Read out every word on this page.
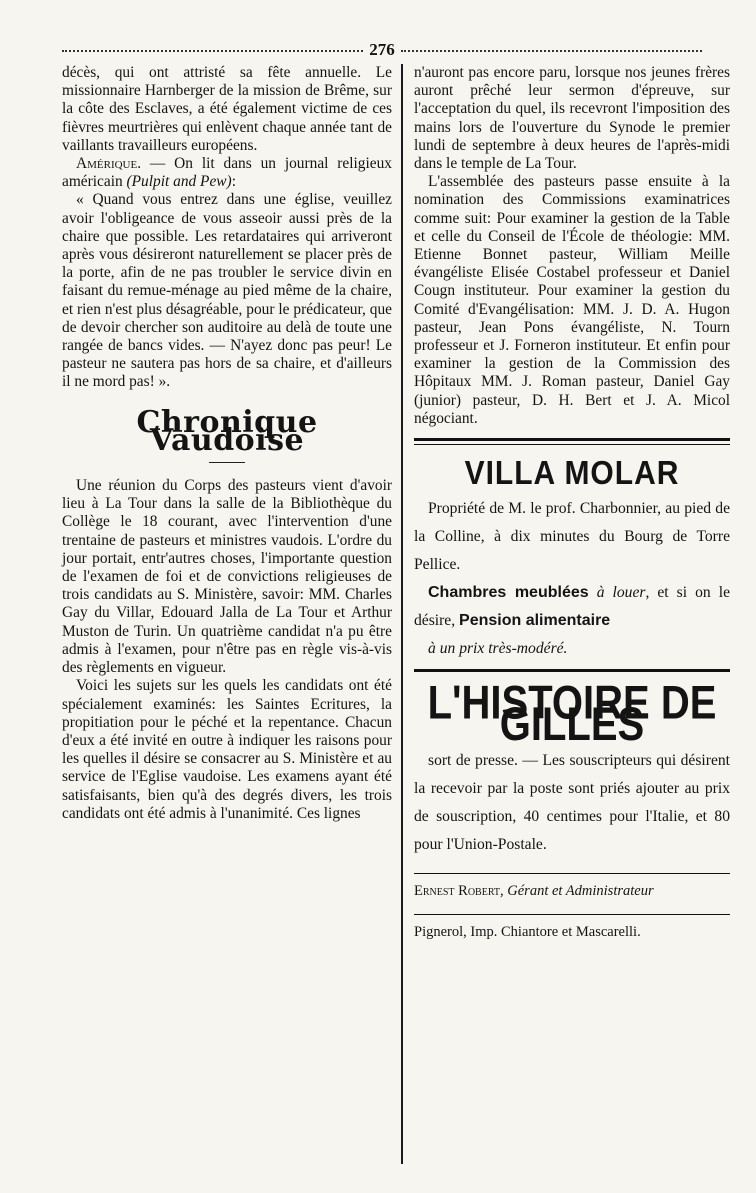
276

décès, qui ont attristé sa fête annuelle. Le missionnaire Harnberger de la mission de Brême, sur la côte des Esclaves, a été également victime de ces fièvres meurtrières qui enlèvent chaque année tant de vaillants travailleurs européens.

Amérique. — On lit dans un journal religieux américain (Pulpit and Pew):

« Quand vous entrez dans une église, veuillez avoir l'obligeance de vous asseoir aussi près de la chaire que possible. Les retardataires qui arriveront après vous désireront naturellement se placer près de la porte, afin de ne pas troubler le service divin en faisant du remue-ménage au pied même de la chaire, et rien n'est plus désagréable, pour le prédicateur, que de devoir chercher son auditoire au delà de toute une rangée de bancs vides. — N'ayez donc pas peur! Le pasteur ne sautera pas hors de sa chaire, et d'ailleurs il ne mord pas! ».

Chronique Vaudoise

Une réunion du Corps des pasteurs vient d'avoir lieu à La Tour dans la salle de la Bibliothèque du Collège le 18 courant, avec l'intervention d'une trentaine de pasteurs et ministres vaudois. L'ordre du jour portait, entr'autres choses, l'importante question de l'examen de foi et de convictions religieuses de trois candidats au S. Ministère, savoir: MM. Charles Gay du Villar, Edouard Jalla de La Tour et Arthur Muston de Turin. Un quatrième candidat n'a pu être admis à l'examen, pour n'être pas en règle vis-à-vis des règlements en vigueur.

Voici les sujets sur les quels les candidats ont été spécialement examinés: les Saintes Ecritures, la propitiation pour le péché et la repentance. Chacun d'eux a été invité en outre à indiquer les raisons pour les quelles il désire se consacrer au S. Ministère et au service de l'Eglise vaudoise. Les examens ayant été satisfaisants, bien qu'à des degrés divers, les trois candidats ont été admis à l'unanimité. Ces lignes

n'auront pas encore paru, lorsque nos jeunes frères auront prêché leur sermon d'épreuve, sur l'acceptation du quel, ils recevront l'imposition des mains lors de l'ouverture du Synode le premier lundi de septembre à deux heures de l'après-midi dans le temple de La Tour.

L'assemblée des pasteurs passe ensuite à la nomination des Commissions examinatrices comme suit: Pour examiner la gestion de la Table et celle du Conseil de l'École de théologie: MM. Etienne Bonnet pasteur, William Meille évangéliste Elisée Costabel professeur et Daniel Cougn instituteur. Pour examiner la gestion du Comité d'Evangélisation: MM. J. D. A. Hugon pasteur, Jean Pons évangéliste, N. Tourn professeur et J. Forneron instituteur. Et enfin pour examiner la gestion de la Commission des Hôpitaux MM. J. Roman pasteur, Daniel Gay (junior) pasteur, D. H. Bert et J. A. Micol négociant.

VILLA MOLAR

Propriété de M. le prof. Charbonnier, au pied de la Colline, à dix minutes du Bourg de Torre Pellice.

Chambres meublées à louer, et si on le désire, Pension alimentaire

à un prix très-modéré.

L'HISTOIRE DE GILLES

sort de presse. — Les souscripteurs qui désirent la recevoir par la poste sont priés ajouter au prix de souscription, 40 centimes pour l'Italie, et 80 pour l'Union-Postale.

Ernest Robert, Gérant et Administrateur
Pignerol, Imp. Chiantore et Mascarelli.
